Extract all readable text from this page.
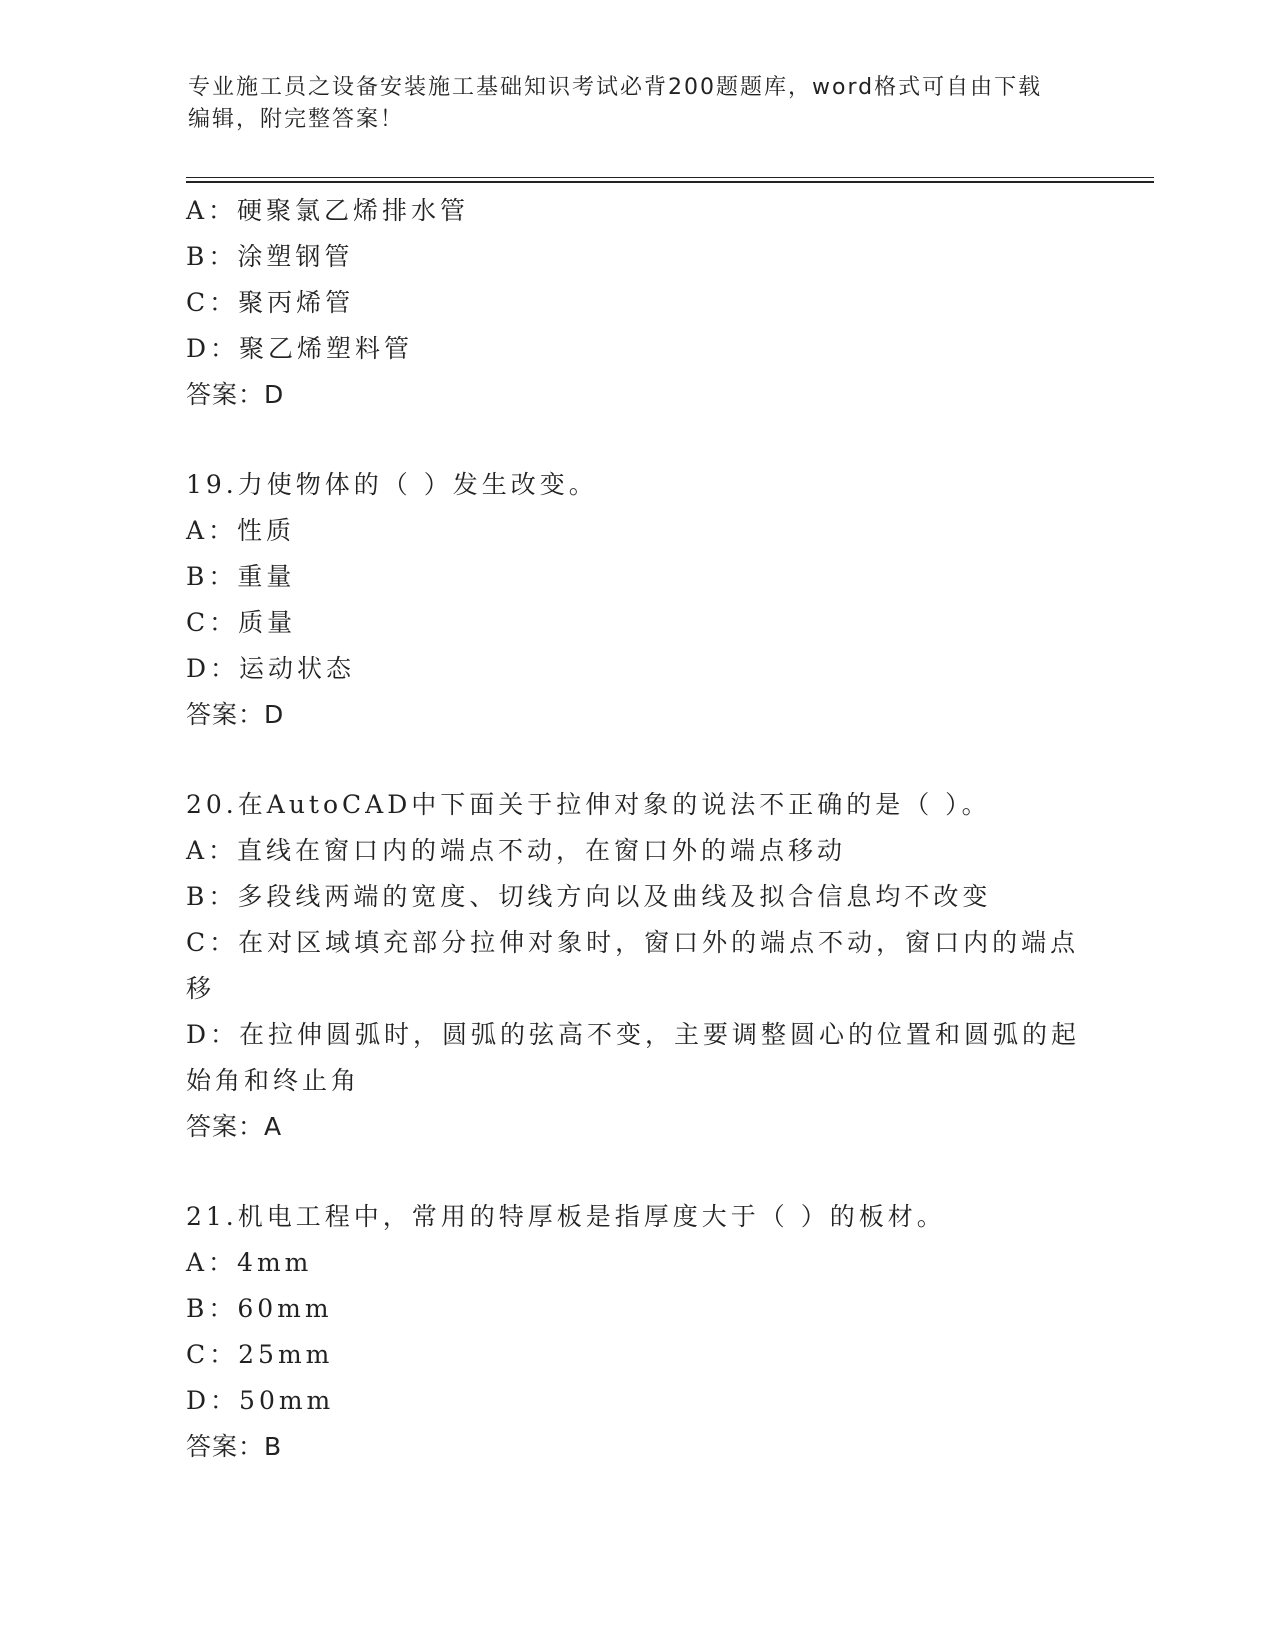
专业施工员之设备安装施工基础知识考试必背200题题库，word格式可自由下载
编辑，附完整答案！
A：硬聚氯乙烯排水管
B：涂塑钢管
C：聚丙烯管
D：聚乙烯塑料管
答案：D
19.力使物体的（ ）发生改变。
A：性质
B：重量
C：质量
D：运动状态
答案：D
20.在AutoCAD中下面关于拉伸对象的说法不正确的是（ ）。
A：直线在窗口内的端点不动，在窗口外的端点移动
B：多段线两端的宽度、切线方向以及曲线及拟合信息均不改变
C：在对区域填充部分拉伸对象时，窗口外的端点不动，窗口内的端点移
D：在拉伸圆弧时，圆弧的弦高不变，主要调整圆心的位置和圆弧的起始角和终止角
答案：A
21.机电工程中，常用的特厚板是指厚度大于（ ）的板材。
A：4mm
B：60mm
C：25mm
D：50mm
答案：B
